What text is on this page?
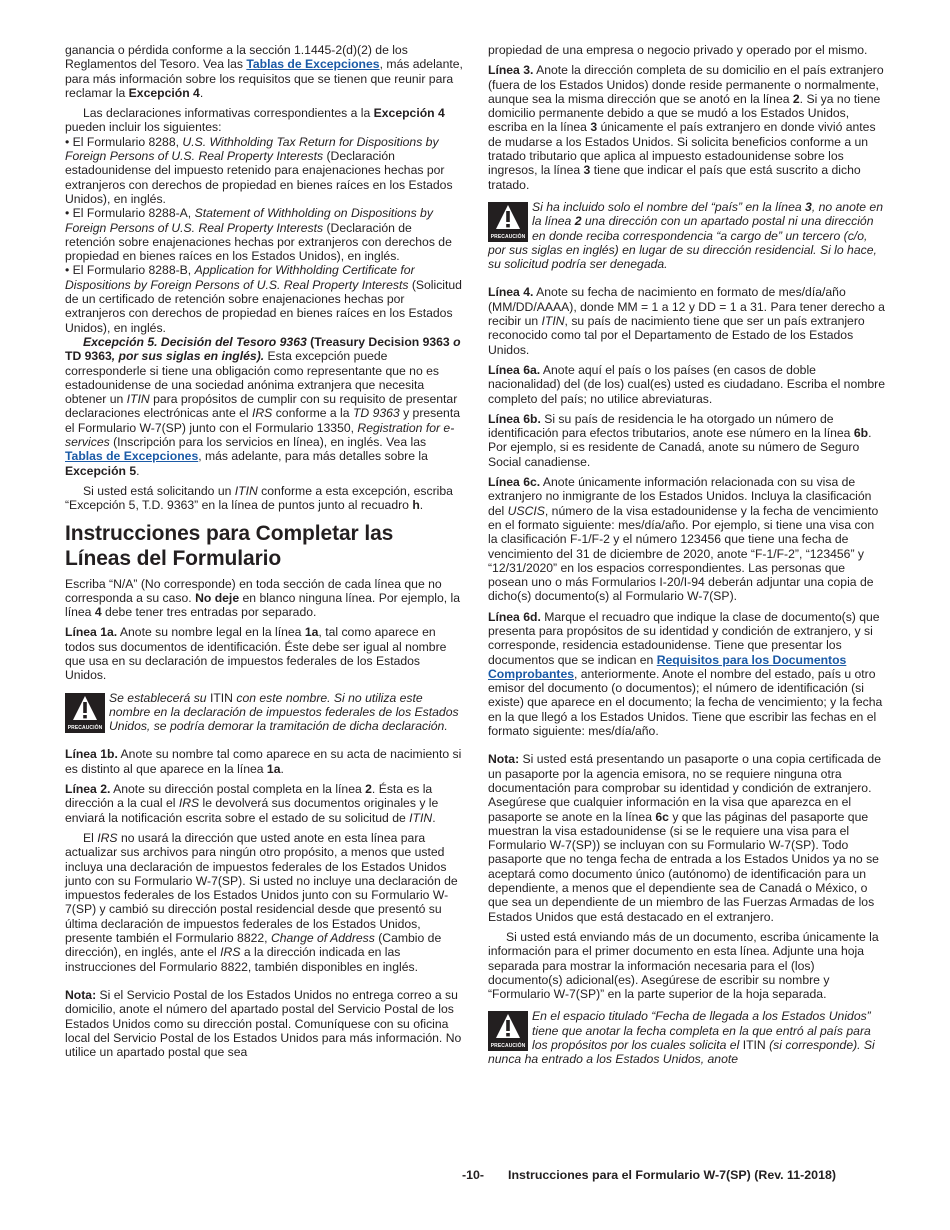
ganancia o pérdida conforme a la sección 1.1445-2(d)(2) de los Reglamentos del Tesoro. Vea las Tablas de Excepciones, más adelante, para más información sobre los requisitos que se tienen que reunir para reclamar la Excepción 4.

Las declaraciones informativas correspondientes a la Excepción 4 pueden incluir los siguientes:

• El Formulario 8288, U.S. Withholding Tax Return for Dispositions by Foreign Persons of U.S. Real Property Interests (Declaración estadounidense del impuesto retenido para enajenaciones hechas por extranjeros con derechos de propiedad en bienes raíces en los Estados Unidos), en inglés.

• El Formulario 8288-A, Statement of Withholding on Dispositions by Foreign Persons of U.S. Real Property Interests (Declaración de retención sobre enajenaciones hechas por extranjeros con derechos de propiedad en bienes raíces en los Estados Unidos), en inglés.

• El Formulario 8288-B, Application for Withholding Certificate for Dispositions by Foreign Persons of U.S. Real Property Interests (Solicitud de un certificado de retención sobre enajenaciones hechas por extranjeros con derechos de propiedad en bienes raíces en los Estados Unidos), en inglés.

Excepción 5. Decisión del Tesoro 9363 (Treasury Decision 9363 o TD 9363, por sus siglas en inglés). Esta excepción puede corresponderle si tiene una obligación como representante que no es estadounidense de una sociedad anónima extranjera que necesita obtener un ITIN para propósitos de cumplir con su requisito de presentar declaraciones electrónicas ante el IRS conforme a la TD 9363 y presenta el Formulario W-7(SP) junto con el Formulario 13350, Registration for e-services (Inscripción para los servicios en línea), en inglés. Vea las Tablas de Excepciones, más adelante, para más detalles sobre la Excepción 5.

Si usted está solicitando un ITIN conforme a esta excepción, escriba “Excepción 5, T.D. 9363” en la línea de puntos junto al recuadro h.

Instrucciones para Completar las Líneas del Formulario

Escriba “N/A” (No corresponde) en toda sección de cada línea que no corresponda a su caso. No deje en blanco ninguna línea. Por ejemplo, la línea 4 debe tener tres entradas por separado.

Línea 1a. Anote su nombre legal en la línea 1a, tal como aparece en todos sus documentos de identificación. Éste debe ser igual al nombre que usa en su declaración de impuestos federales de los Estados Unidos.

PRECAUCIÓN
Se establecerá su ITIN con este nombre. Si no utiliza este nombre en la declaración de impuestos federales de los Estados Unidos, se podría demorar la tramitación de dicha declaración.

Línea 1b. Anote su nombre tal como aparece en su acta de nacimiento si es distinto al que aparece en la línea 1a.

Línea 2. Anote su dirección postal completa en la línea 2. Ésta es la dirección a la cual el IRS le devolverá sus documentos originales y le enviará la notificación escrita sobre el estado de su solicitud de ITIN.

El IRS no usará la dirección que usted anote en esta línea para actualizar sus archivos para ningún otro propósito, a menos que usted incluya una declaración de impuestos federales de los Estados Unidos junto con su Formulario W-7(SP). Si usted no incluye una declaración de impuestos federales de los Estados Unidos junto con su Formulario W-7(SP) y cambió su dirección postal residencial desde que presentó su última declaración de impuestos federales de los Estados Unidos, presente también el Formulario 8822, Change of Address (Cambio de dirección), en inglés, ante el IRS a la dirección indicada en las instrucciones del Formulario 8822, también disponibles en inglés.

Nota: Si el Servicio Postal de los Estados Unidos no entrega correo a su domicilio, anote el número del apartado postal del Servicio Postal de los Estados Unidos como su dirección postal. Comuníquese con su oficina local del Servicio Postal de los Estados Unidos para más información. No utilice un apartado postal que sea

propiedad de una empresa o negocio privado y operado por el mismo.

Línea 3. Anote la dirección completa de su domicilio en el país extranjero (fuera de los Estados Unidos) donde reside permanente o normalmente, aunque sea la misma dirección que se anotó en la línea 2. Si ya no tiene domicilio permanente debido a que se mudó a los Estados Unidos, escriba en la línea 3 únicamente el país extranjero en donde vivió antes de mudarse a los Estados Unidos. Si solicita beneficios conforme a un tratado tributario que aplica al impuesto estadounidense sobre los ingresos, la línea 3 tiene que indicar el país que está suscrito a dicho tratado.

PRECAUCIÓN
Si ha incluido solo el nombre del “país” en la línea 3, no anote en la línea 2 una dirección con un apartado postal ni una dirección en donde reciba correspondencia “a cargo de” un tercero (c/o, por sus siglas en inglés) en lugar de su dirección residencial. Si lo hace, su solicitud podría ser denegada.

Línea 4. Anote su fecha de nacimiento en formato de mes/día/año (MM/DD/AAAA), donde MM = 1 a 12 y DD = 1 a 31. Para tener derecho a recibir un ITIN, su país de nacimiento tiene que ser un país extranjero reconocido como tal por el Departamento de Estado de los Estados Unidos.

Línea 6a. Anote aquí el país o los países (en casos de doble nacionalidad) del (de los) cual(es) usted es ciudadano. Escriba el nombre completo del país; no utilice abreviaturas.

Línea 6b. Si su país de residencia le ha otorgado un número de identificación para efectos tributarios, anote ese número en la línea 6b. Por ejemplo, si es residente de Canadá, anote su número de Seguro Social canadiense.

Línea 6c. Anote únicamente información relacionada con su visa de extranjero no inmigrante de los Estados Unidos. Incluya la clasificación del USCIS, número de la visa estadounidense y la fecha de vencimiento en el formato siguiente: mes/día/año. Por ejemplo, si tiene una visa con la clasificación F-1/F-2 y el número 123456 que tiene una fecha de vencimiento del 31 de diciembre de 2020, anote “F-1/F-2”, “123456” y “12/31/2020” en los espacios correspondientes. Las personas que posean uno o más Formularios I-20/I-94 deberán adjuntar una copia de dicho(s) documento(s) al Formulario W-7(SP).

Línea 6d. Marque el recuadro que indique la clase de documento(s) que presenta para propósitos de su identidad y condición de extranjero, y si corresponde, residencia estadounidense. Tiene que presentar los documentos que se indican en Requisitos para los Documentos Comprobantes, anteriormente. Anote el nombre del estado, país u otro emisor del documento (o documentos); el número de identificación (si existe) que aparece en el documento; la fecha de vencimiento; y la fecha en la que llegó a los Estados Unidos. Tiene que escribir las fechas en el formato siguiente: mes/día/año.

Nota: Si usted está presentando un pasaporte o una copia certificada de un pasaporte por la agencia emisora, no se requiere ninguna otra documentación para comprobar su identidad y condición de extranjero. Asegúrese que cualquier información en la visa que aparezca en el pasaporte se anote en la línea 6c y que las páginas del pasaporte que muestran la visa estadounidense (si se le requiere una visa para el Formulario W-7(SP)) se incluyan con su Formulario W-7(SP). Todo pasaporte que no tenga fecha de entrada a los Estados Unidos ya no se aceptará como documento único (autónomo) de identificación para un dependiente, a menos que el dependiente sea de Canadá o México, o que sea un dependiente de un miembro de las Fuerzas Armadas de los Estados Unidos que está destacado en el extranjero.

Si usted está enviando más de un documento, escriba únicamente la información para el primer documento en esta línea. Adjunte una hoja separada para mostrar la información necesaria para el (los) documento(s) adicional(es). Asegúrese de escribir su nombre y “Formulario W-7(SP)” en la parte superior de la hoja separada.

PRECAUCIÓN
En el espacio titulado “Fecha de llegada a los Estados Unidos” tiene que anotar la fecha completa en la que entró al país para los propósitos por los cuales solicita el ITIN (si corresponde). Si nunca ha entrado a los Estados Unidos, anote
-10- Instrucciones para el Formulario W-7(SP) (Rev. 11-2018)
